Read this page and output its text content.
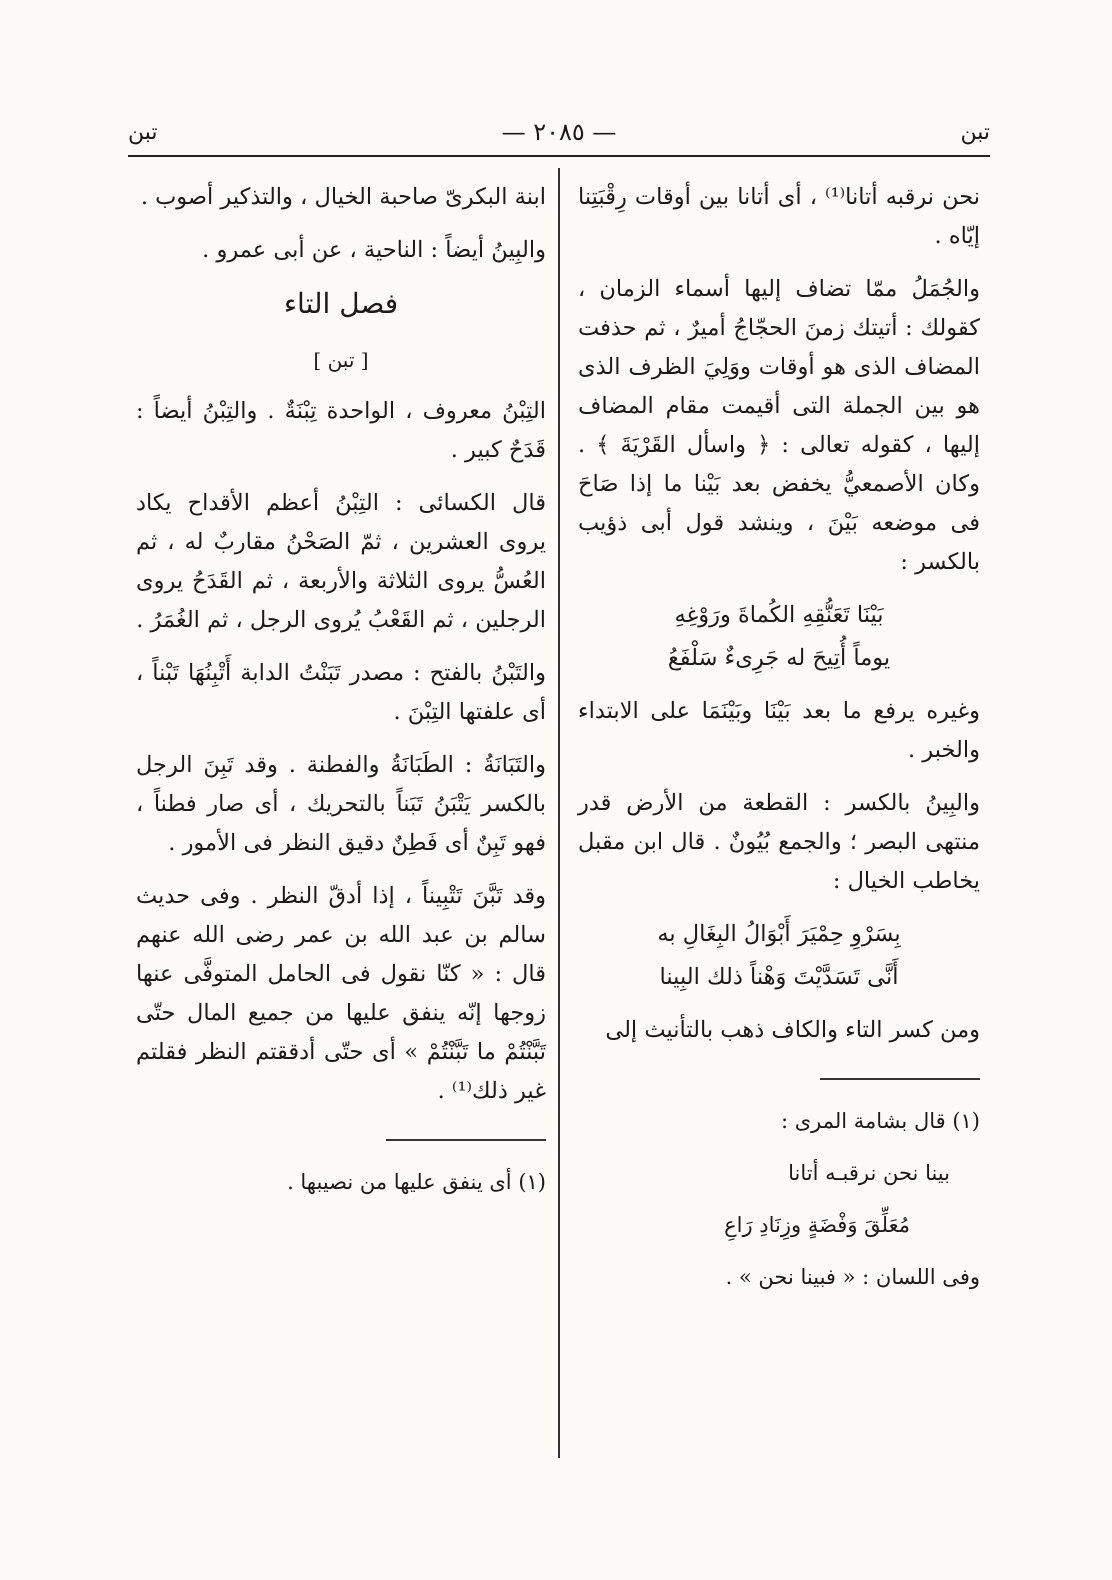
تبن
— ٢٠٨٥ —
تبن

نحن نرقبه أتانا⁽¹⁾ ، أى أتانا بين أوقات رِقْبَتِنا إيّاه .

والجُمَلُ ممّا تضاف إليها أسماء الزمان ، كقولك : أتيتك زمنَ الحجّاجُ أميرٌ ، ثم حذفت المضاف الذى هو أوقات ووَلِيَ الظرف الذى هو بين الجملة التى أقيمت مقام المضاف إليها ، كقوله تعالى : ﴿ واسأل القَرْيَةَ ﴾ . وكان الأصمعيُّ يخفض بعد بَيْنا ما إذا صَاحَ فى موضعه بَيْنَ ، وينشد قول أبى ذؤيب بالكسر :

بَيْنَا تَعَنُّقِهِ الكُماةَ ورَوْغِهِ

يوماً أُتِيحَ له جَرِىءٌ سَلْفَعُ

وغيره يرفع ما بعد بَيْنَا وبَيْنَمَا على الابتداء والخبر .

والبِينُ بالكسر : القطعة من الأرض قدر منتهى البصر ؛ والجمع بُيُونٌ . قال ابن مقبل يخاطب الخيال :

بِسَرْوِ حِمْيَرَ أَبْوَالُ البِغَالِ به

أَنَّى تَسَدَّيْتَ وَهْناً ذلك البِينا

ومن كسر التاء والكاف ذهب بالتأنيث إلى

(١) قال بشامة المرى :

بينا نحن نرقبـه أتانا

مُعَلِّقَ وَفْضَةٍ وزِنَادِ رَاعِ

وفى اللسان : « فبينا نحن » .

ابنة البكرىّ صاحبة الخيال ، والتذكير أصوب .

والبِينُ أيضاً : الناحية ، عن أبى عمرو .

فصل التاء
[ تبن ]

التِبْنُ معروف ، الواحدة تِبْنَةٌ . والتِبْنُ أيضاً : قَدَحٌ كبير .

قال الكسائى : التِبْنُ أعظم الأقداح يكاد يروى العشرين ، ثمّ الصَحْنُ مقاربٌ له ، ثم العُسُّ يروى الثلاثة والأربعة ، ثم القَدَحُ يروى الرجلين ، ثم القَعْبُ يُروى الرجل ، ثم الغُمَرُ .

والتَبْنُ بالفتح : مصدر تَبَنْتُ الدابة أَتْبِنُهَا تَبْناً ، أى علفتها التِبْنَ .

والتَبَانَةُ : الطَبَانَةُ والفطنة . وقد تَبِنَ الرجل بالكسر يَتْبَنُ تَبَناً بالتحريك ، أى صار فطناً ، فهو تَبِنٌ أى فَطِنٌ دقيق النظر فى الأمور .

وقد تَبَّنَ تَتْبِيناً ، إذا أدقّ النظر . وفى حديث سالم بن عبد الله بن عمر رضى الله عنهم قال : « كنّا نقول فى الحامل المتوفَّى عنها زوجها إنّه ينفق عليها من جميع المال حتّى تَبَّنْتُمْ ما تَبَّنْتُمْ » أى حتّى أدققتم النظر فقلتم غير ذلك⁽¹⁾ .

(١) أى ينفق عليها من نصيبها .
